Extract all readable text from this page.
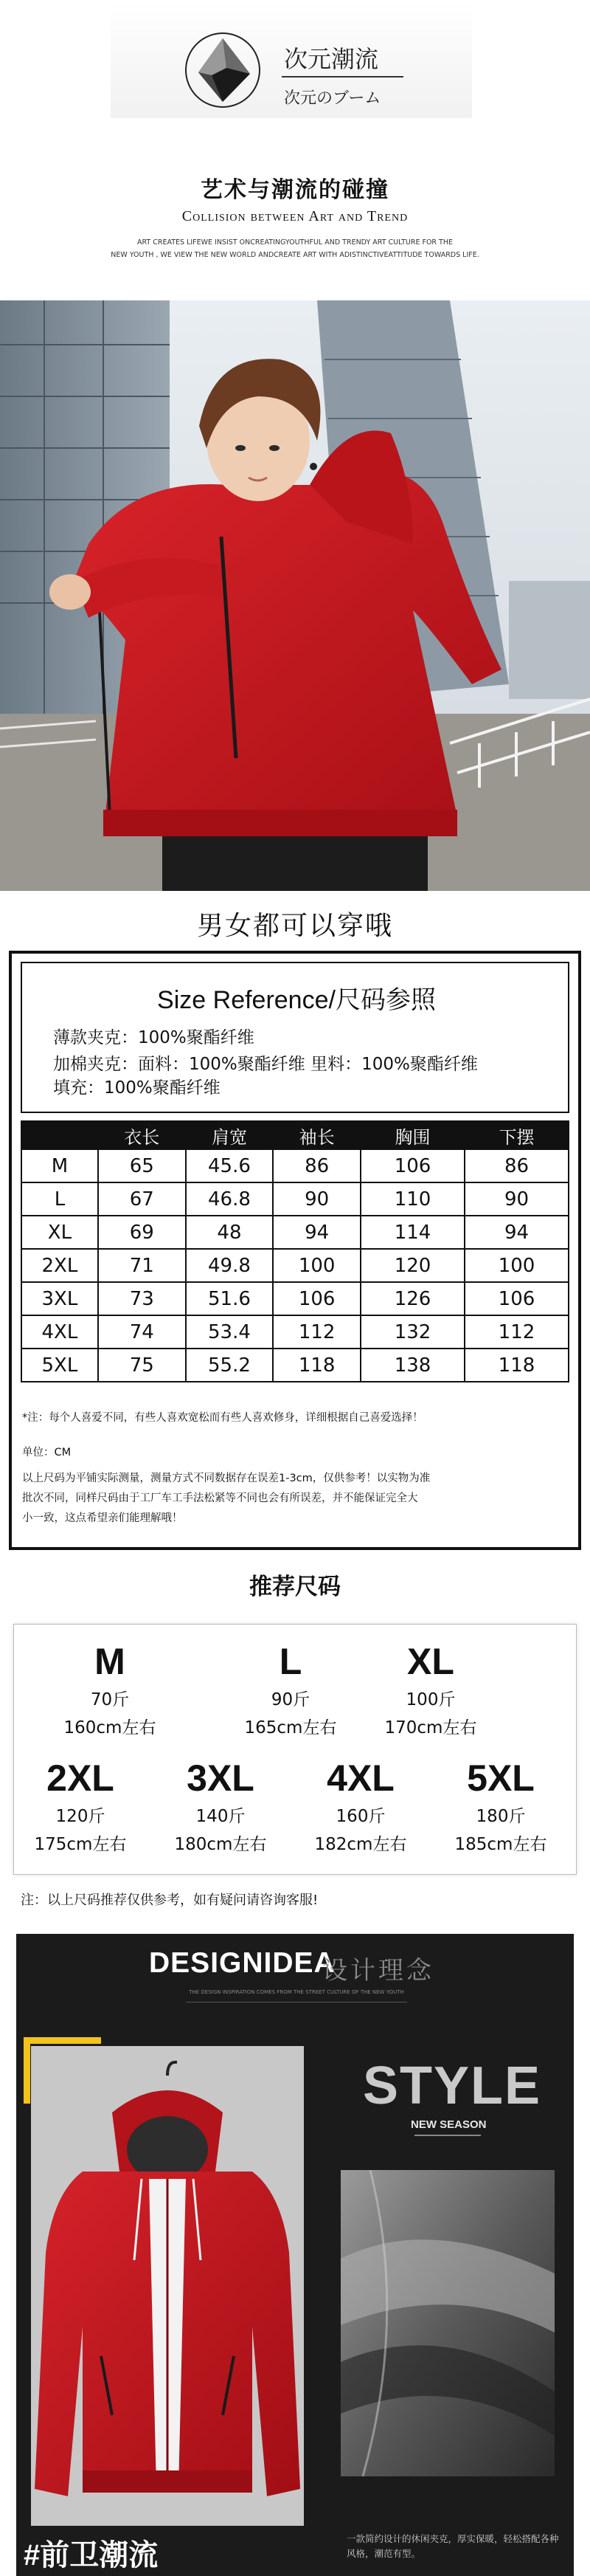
次元潮流
次元のブーム
艺术与潮流的碰撞
Collision between Art and Trend
ART CREATES LIFEWE INSIST ONCREATINGYOUTHFUL AND TRENDY ART CULTURE FOR THE
NEW YOUTH , WE VIEW THE NEW WORLD ANDCREATE ART WITH ADISTINCTIVEATTITUDE TOWARDS LIFE.
男女都可以穿哦
Size Reference/尺码参照
薄款夹克：100%聚酯纤维
加棉夹克：面料：100%聚酯纤维 里料：100%聚酯纤维
填充：100%聚酯纤维
	衣长	肩宽	袖长	胸围	下摆
M	65	45.6	86	106	86
L	67	46.8	90	110	90
XL	69	48	94	114	94
2XL	71	49.8	100	120	100
3XL	73	51.6	106	126	106
4XL	74	53.4	112	132	112
5XL	75	55.2	118	138	118
*注：每个人喜爱不同，有些人喜欢宽松而有些人喜欢修身，详细根据自己喜爱选择！
单位：CM
以上尺码为平铺实际测量，测量方式不同数据存在误差1-3cm，仅供参考！以实物为准
批次不同，同样尺码由于工厂车工手法松紧等不同也会有所误差，并不能保证完全大
小一致，这点希望亲们能理解哦！
推荐尺码
M
70斤
160cm左右
L
90斤
165cm左右
XL
100斤
170cm左右
2XL
120斤
175cm左右
3XL
140斤
180cm左右
4XL
160斤
182cm左右
5XL
180斤
185cm左右
注：以上尺码推荐仅供参考，如有疑问请咨询客服!
DESIGNIDEA
设计理念
THE DESIGN INSPIRATION COMES FROM THE STREET CULTURE OF THE NEW YOUTH
STYLE
NEW SEASON
#前卫潮流
一款简约设计的休闲夹克，厚实保暖，轻松搭配各种风格，潮范有型。
